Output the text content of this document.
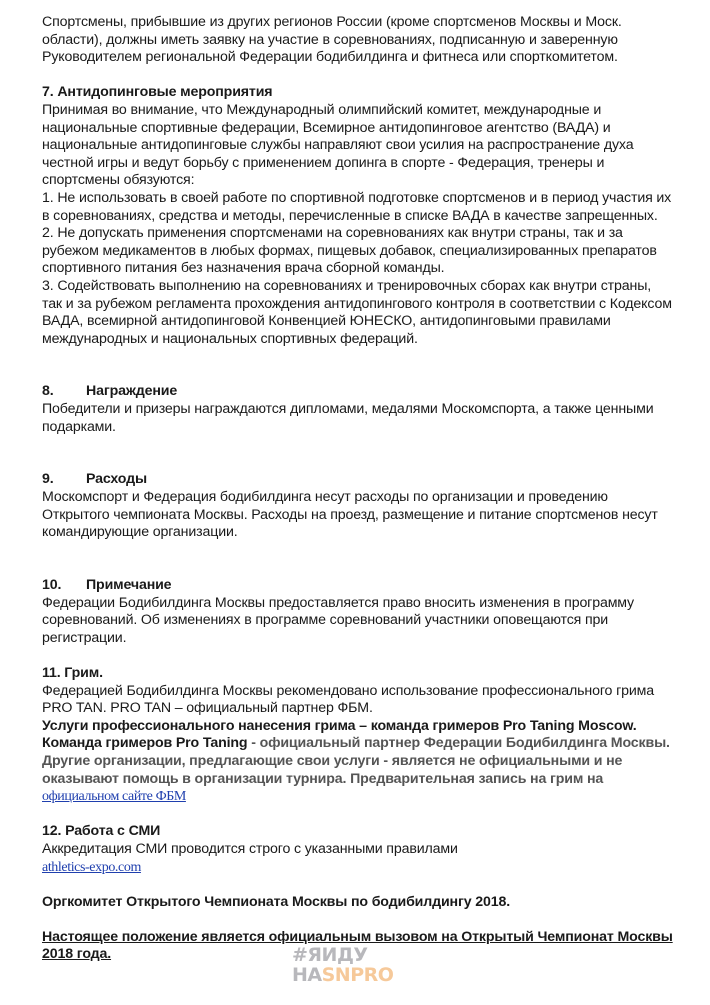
Спортсмены, прибывшие из других регионов России (кроме спортсменов Москвы и Моск.

области), должны иметь заявку на участие в соревнованиях, подписанную и заверенную

Руководителем региональной Федерации бодибилдинга и фитнеса или спорткомитетом.

7. Антидопинговые мероприятия

Принимая во внимание, что Международный олимпийский комитет, международные и

национальные спортивные федерации, Всемирное антидопинговое агентство (ВАДА) и

национальные антидопинговые службы направляют свои усилия на распространение духа

честной игры и ведут борьбу с применением допинга в спорте - Федерация, тренеры и

спортсмены обязуются:

1. Не использовать в своей работе по спортивной подготовке спортсменов и в период участия их

в соревнованиях, средства и методы, перечисленные в списке ВАДА в качестве запрещенных.

2. Не допускать применения спортсменами на соревнованиях как внутри страны, так и за

рубежом медикаментов в любых формах, пищевых добавок, специализированных препаратов

спортивного питания без назначения врача сборной команды.

3. Содействовать выполнению на соревнованиях и тренировочных сборах как внутри страны,

так и за рубежом регламента прохождения антидопингового контроля в соответствии с Кодексом

ВАДА, всемирной антидопинговой Конвенцией ЮНЕСКО, антидопинговыми правилами

международных и национальных спортивных федераций.

8. Награждение

Победители и призеры награждаются дипломами, медалями Москомспорта, а также ценными

подарками.

9. Расходы

Москомспорт и Федерация бодибилдинга несут расходы по организации и проведению

Открытого чемпионата Москвы. Расходы на проезд, размещение и питание спортсменов несут

командирующие организации.

10. Примечание

Федерации Бодибилдинга Москвы предоставляется право вносить изменения в программу

соревнований. Об изменениях в программе соревнований участники оповещаются при

регистрации.

11. Грим.

Федерацией Бодибилдинга Москвы рекомендовано использование профессионального грима

PRO TAN. PRO TAN – официальный партнер ФБМ.

Услуги профессионального нанесения грима – команда гримеров Pro Taning Moscow.

Команда гримеров Pro Taning - официальный партнер Федерации Бодибилдинга Москвы.

Другие организации, предлагающие свои услуги - является не официальными и не

оказывают помощь в организации турнира. Предварительная запись на грим на

официальном сайте ФБМ

12. Работа с СМИ

Аккредитация СМИ проводится строго с указанными правилами

athletics-expo.com

Оргкомитет Открытого Чемпионата Москвы по бодибилдингу 2018.

Настоящее положение является официальным вызовом на Открытый Чемпионат Москвы

2018 года.	#ЯИДУ
НАSNPRO
